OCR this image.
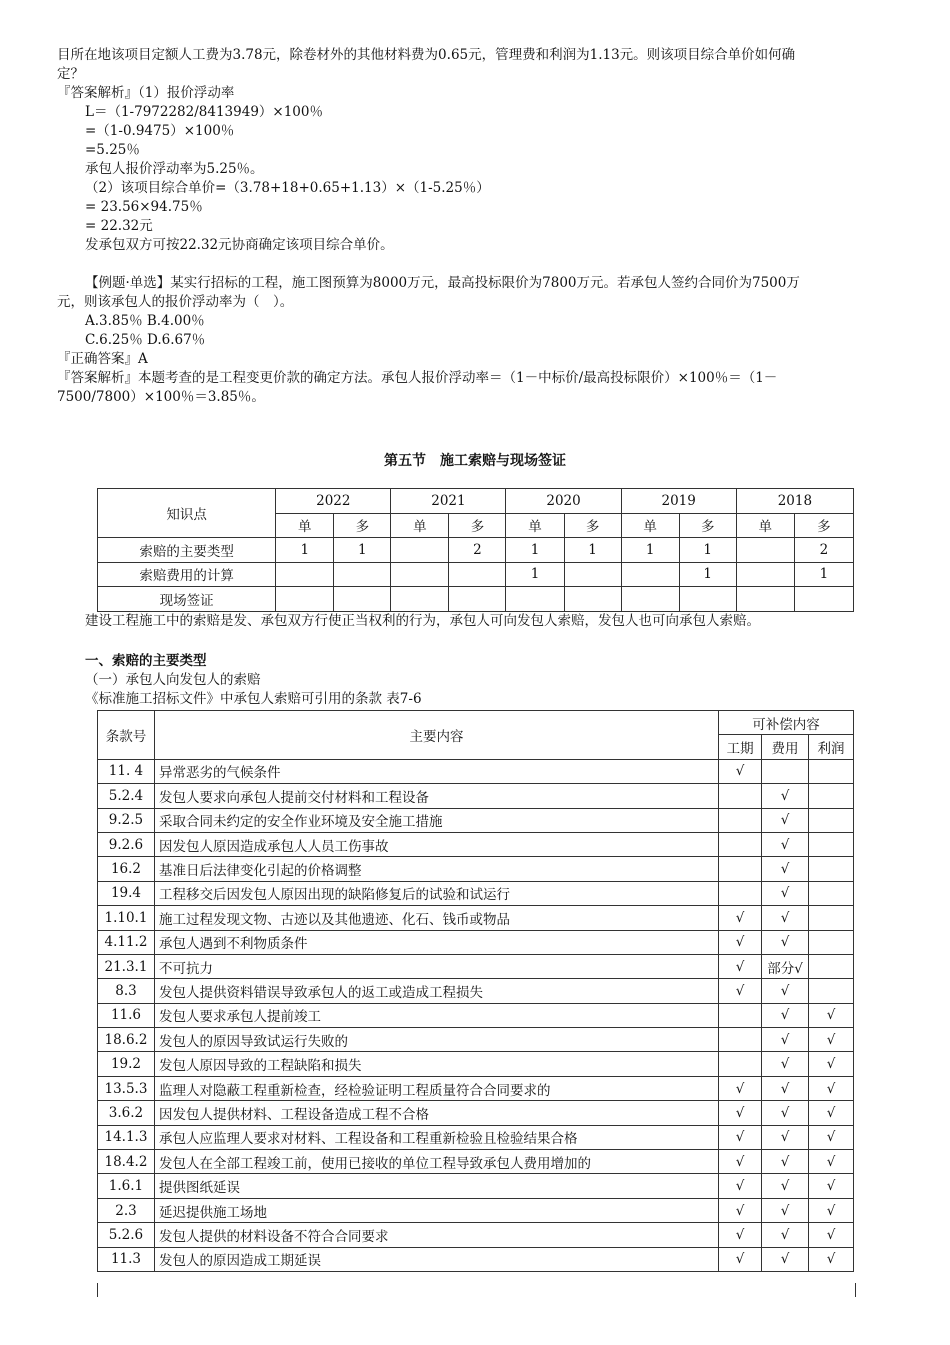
目所在地该项目定额人工费为3.78元，除卷材外的其他材料费为0.65元，管理费和利润为1.13元。则该项目综合单价如何确
定？
『答案解析』（1）报价浮动率
L＝（1-7972282/8413949）×100％
=（1-0.9475）×100％
=5.25％
承包人报价浮动率为5.25％。
（2）该项目综合单价=（3.78+18+0.65+1.13）×（1-5.25％）
= 23.56×94.75％
= 22.32元
发承包双方可按22.32元协商确定该项目综合单价。
【例题·单选】某实行招标的工程，施工图预算为8000万元，最高投标限价为7800万元。若承包人签约合同价为7500万
元，则该承包人的报价浮动率为（　）。
A.3.85％ B.4.00％
C.6.25％ D.6.67％
『正确答案』A
『答案解析』本题考查的是工程变更价款的确定方法。承包人报价浮动率＝（1－中标价/最高投标限价）×100％＝（1－
7500/7800）×100％＝3.85％。
第五节　施工索赔与现场签证
知识点	2022		2021		2020		2019		2018	
	单	多	单	多	单	多	单	多	单	多
索赔的主要类型	1	1		2	1	1	1	1		2
索赔费用的计算					1			1		1
现场签证										
建设工程施工中的索赔是发、承包双方行使正当权利的行为，承包人可向发包人索赔，发包人也可向承包人索赔。
一、索赔的主要类型
（一）承包人向发包人的索赔
《标准施工招标文件》中承包人索赔可引用的条款 表7-6
条款号	主要内容	可补偿内容		
		工期	费用	利润
11. 4	异常恶劣的气候条件	√		
5.2.4	发包人要求向承包人提前交付材料和工程设备		√	
9.2.5	采取合同未约定的安全作业环境及安全施工措施		√	
9.2.6	因发包人原因造成承包人人员工伤事故		√	
16.2	基准日后法律变化引起的价格调整		√	
19.4	工程移交后因发包人原因出现的缺陷修复后的试验和试运行		√	
1.10.1	施工过程发现文物、古迹以及其他遗迹、化石、钱币或物品	√	√	
4.11.2	承包人遇到不利物质条件	√	√	
21.3.1	不可抗力	√	部分√	
8.3	发包人提供资料错误导致承包人的返工或造成工程损失	√	√	
11.6	发包人要求承包人提前竣工		√	√
18.6.2	发包人的原因导致试运行失败的		√	√
19.2	发包人原因导致的工程缺陷和损失		√	√
13.5.3	监理人对隐蔽工程重新检查，经检验证明工程质量符合合同要求的	√	√	√
3.6.2	因发包人提供材料、工程设备造成工程不合格	√	√	√
14.1.3	承包人应监理人要求对材料、工程设备和工程重新检验且检验结果合格	√	√	√
18.4.2	发包人在全部工程竣工前，使用已接收的单位工程导致承包人费用增加的	√	√	√
1.6.1	提供图纸延误	√	√	√
2.3	延迟提供施工场地	√	√	√
5.2.6	发包人提供的材料设备不符合合同要求	√	√	√
11.3	发包人的原因造成工期延误	√	√	√
